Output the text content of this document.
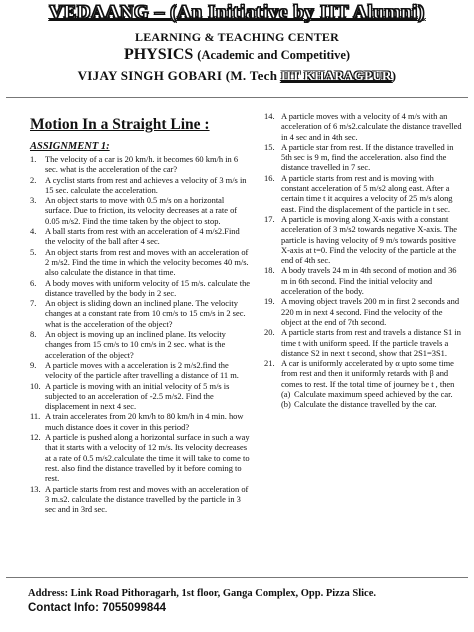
VEDAANG – (An Initiative by IIT Alumni)
LEARNING & TEACHING CENTER
PHYSICS (Academic and Competitive)
VIJAY SINGH GOBARI (M. Tech IIT KHARAGPUR)

Motion In a Straight Line :

ASSIGNMENT 1:

1. The velocity of a car is 20 km/h. it becomes 60 km/h in 6 sec. what is the acceleration of the car?
2. A cyclist starts from rest and achieves a velocity of 3 m/s in 15 sec. calculate the acceleration.
3. An object starts to move with 0.5 m/s on a horizontal surface. Due to friction, its velocity decreases at a rate of 0.05 m/s2. Find the time taken by the object to stop.
4. A ball starts from rest with an acceleration of 4 m/s2.Find the velocity of the ball after 4 sec.
5. An object starts from rest and moves with an acceleration of 2 m/s2. Find the time in which the velocity becomes 40 m/s. also calculate the distance in that time.
6. A body moves with uniform velocity of 15 m/s. calculate the distance travelled by the body in 2 sec.
7. An object is sliding down an inclined plane. The velocity changes at a constant rate from 10 cm/s to 15 cm/s in 2 sec. what is the acceleration of the object?
8. An object is moving up an inclined plane. Its velocity changes from 15 cm/s to 10 cm/s in 2 sec. what is the acceleration of the object?
9. A particle moves with a acceleration is 2 m/s2.find the velocity of the particle after travelling a distance of 11 m.
10. A particle is moving with an initial velocity of 5 m/s is subjected to an acceleration of -2.5 m/s2. Find the displacement in next 4 sec.
11. A train accelerates from 20 km/h to 80 km/h in 4 min. how much distance does it cover in this period?
12. A particle is pushed along a horizontal surface in such a way that it starts with a velocity of 12 m/s. Its velocity decreases at a rate of 0.5 m/s2.calculate the time it will take to come to rest. also find the distance travelled by it before coming to rest.
13. A particle starts from rest and moves with an acceleration of 3 m.s2. calculate the distance travelled by the particle in 3 sec and in 3rd sec.
14. A particle moves with a velocity of 4 m/s with an acceleration of 6 m/s2.calculate the distance travelled in 4 sec and in 4th sec.
15. A particle star from rest. If the distance travelled in 5th sec is 9 m, find the acceleration. also find the distance travelled in 7 sec.
16. A particle starts from rest and is moving with constant acceleration of 5 m/s2 along east. After a certain time t it acquires a velocity of 25 m/s along east. Find the displacement of the particle in t sec.
17. A particle is moving along X-axis with a constant acceleration of 3 m/s2 towards negative X-axis. The particle is having velocity of 9 m/s towards positive X-axis at t=0. Find the velocity of the particle at the end of 4th sec.
18. A body travels 24 m in 4th second of motion and 36 m in 6th second. Find the initial velocity and acceleration of the body.
19. A moving object travels 200 m in first 2 seconds and 220 m in next 4 second. Find the velocity of the object at the end of 7th second.
20. A particle starts from rest and travels a distance S1 in time t with uniform speed. If the particle travels a distance S2 in next t second, show that 2S1=3S1.
21. A car is uniformly accelerated by α upto some time from rest and then it uniformly retards with β and comes to rest. If the total time of journey be t , then
(a) Calculate maximum speed achieved by the car.
(b) Calculate the distance travelled by the car.
Address: Link Road Pithoragarh, 1st floor, Ganga Complex, Opp. Pizza Slice.
Contact Info: 7055099844
